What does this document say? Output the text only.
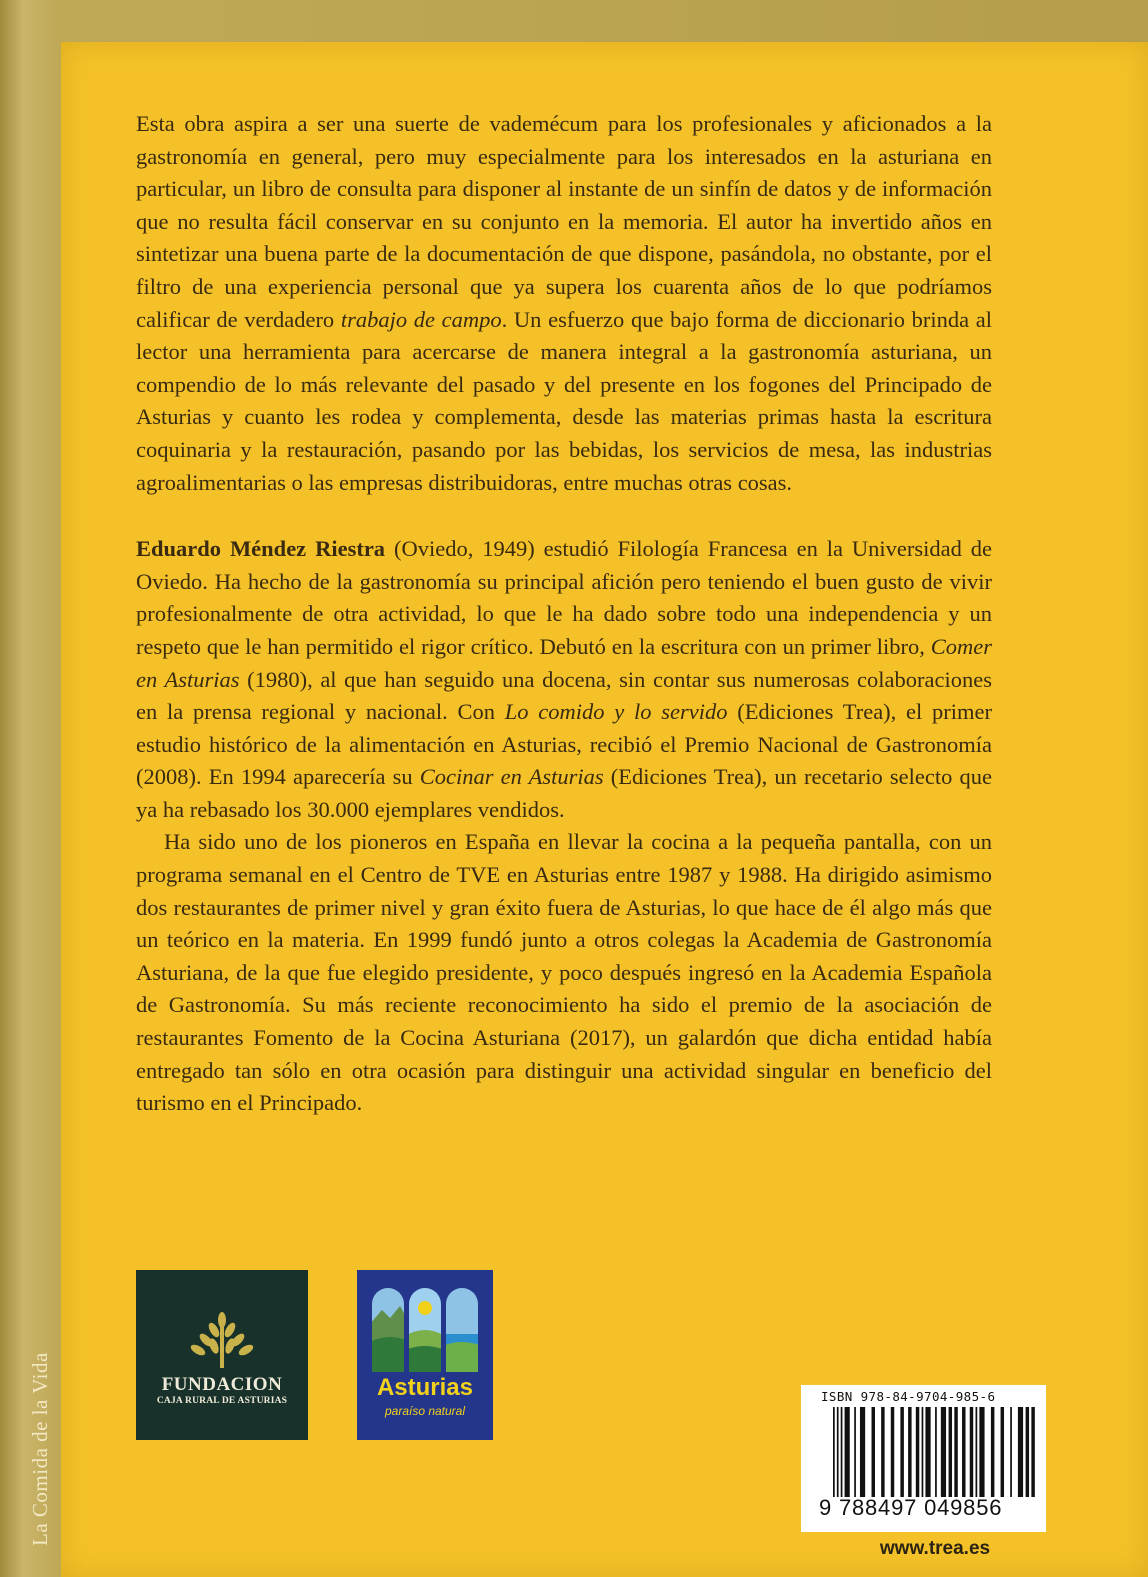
Esta obra aspira a ser una suerte de vademécum para los profesionales y aficionados a la gastronomía en general, pero muy especialmente para los interesados en la asturiana en particular, un libro de consulta para disponer al instante de un sinfín de datos y de información que no resulta fácil conservar en su conjunto en la memoria. El autor ha invertido años en sintetizar una buena parte de la documentación de que dispone, pasándola, no obstante, por el filtro de una experiencia personal que ya supera los cuarenta años de lo que podríamos calificar de verdadero trabajo de campo. Un esfuerzo que bajo forma de diccionario brinda al lector una herramienta para acercarse de manera integral a la gastronomía asturiana, un compendio de lo más relevante del pasado y del presente en los fogones del Principado de Asturias y cuanto les rodea y complementa, desde las materias primas hasta la escritura coquinaria y la restauración, pasando por las bebidas, los servicios de mesa, las industrias agroalimentarias o las empresas distribuidoras, entre muchas otras cosas.

Eduardo Méndez Riestra (Oviedo, 1949) estudió Filología Francesa en la Universidad de Oviedo. Ha hecho de la gastronomía su principal afición pero teniendo el buen gusto de vivir profesionalmente de otra actividad, lo que le ha dado sobre todo una independencia y un respeto que le han permitido el rigor crítico. Debutó en la escritura con un primer libro, Comer en Asturias (1980), al que han seguido una docena, sin contar sus numerosas colaboraciones en la prensa regional y nacional. Con Lo comido y lo servido (Ediciones Trea), el primer estudio histórico de la alimentación en Asturias, recibió el Premio Nacional de Gastronomía (2008). En 1994 aparecería su Cocinar en Asturias (Ediciones Trea), un recetario selecto que ya ha rebasado los 30.000 ejemplares vendidos.

Ha sido uno de los pioneros en España en llevar la cocina a la pequeña pantalla, con un programa semanal en el Centro de TVE en Asturias entre 1987 y 1988. Ha dirigido asimismo dos restaurantes de primer nivel y gran éxito fuera de Asturias, lo que hace de él algo más que un teórico en la materia. En 1999 fundó junto a otros colegas la Academia de Gastronomía Asturiana, de la que fue elegido presidente, y poco después ingresó en la Academia Española de Gastronomía. Su más reciente reconocimiento ha sido el premio de la asociación de restaurantes Fomento de la Cocina Asturiana (2017), un galardón que dicha entidad había entregado tan sólo en otra ocasión para distinguir una actividad singular en beneficio del turismo en el Principado.

La Comida de la Vida	FUNDACION
CAJA RURAL DE ASTURIAS	Asturias
paraíso natural
ISBN 978-84-9704-985-6
9 788497 049856
www.trea.es
